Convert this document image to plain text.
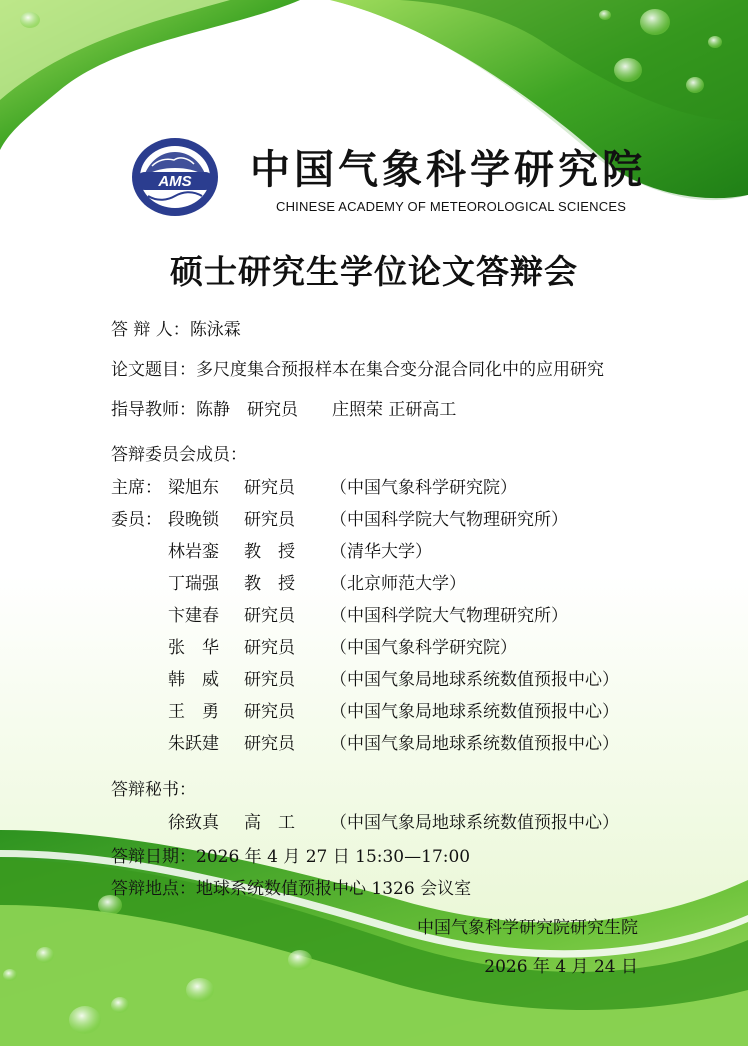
AMS 中国气象科学研究院
CHINESE ACADEMY OF METEOROLOGICAL SCIENCES
硕士研究生学位论文答辩会
答 辩 人：陈泳霖
论文题目：多尺度集合预报样本在集合变分混合同化中的应用研究
指导教师：陈静　研究员　　庄照荣 正研高工
答辩委员会成员：
主席： 梁旭东 研究员 （中国气象科学研究院）
委员： 段晚锁 研究员 （中国科学院大气物理研究所）
林岩銮 教　授 （清华大学）
丁瑞强 教　授 （北京师范大学）
卞建春 研究员 （中国科学院大气物理研究所）
张　华 研究员 （中国气象科学研究院）
韩　威 研究员 （中国气象局地球系统数值预报中心）
王　勇 研究员 （中国气象局地球系统数值预报中心）
朱跃建 研究员 （中国气象局地球系统数值预报中心）
答辩秘书：
徐致真 高　工 （中国气象局地球系统数值预报中心）
答辩日期：2026 年 4 月 27 日 15:30—17:00
答辩地点：地球系统数值预报中心 1326 会议室
中国气象科学研究院研究生院
2026 年 4 月 24 日
